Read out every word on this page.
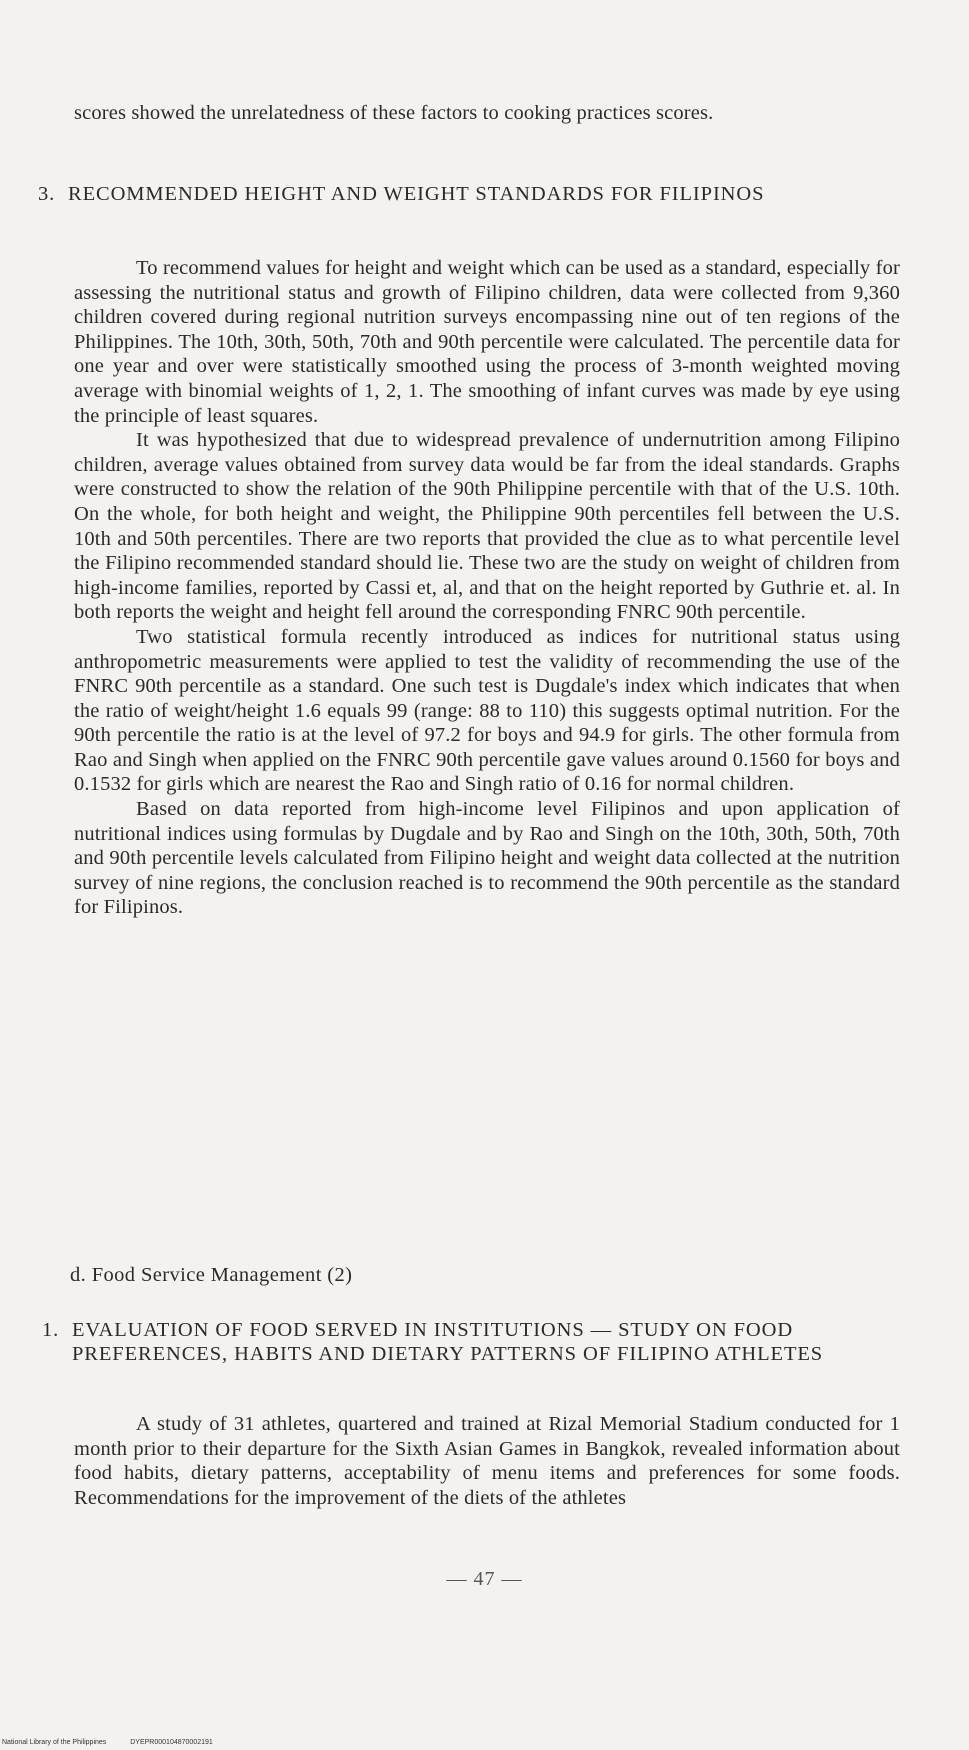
scores showed the unrelatedness of these factors to cooking practices scores.

3. RECOMMENDED HEIGHT AND WEIGHT STANDARDS FOR FILIPINOS

To recommend values for height and weight which can be used as a standard, especially for assessing the nutritional status and growth of Filipino children, data were collected from 9,360 children covered during regional nutrition surveys encompassing nine out of ten regions of the Philippines. The 10th, 30th, 50th, 70th and 90th percentile were calculated. The percentile data for one year and over were statistically smoothed using the process of 3-month weighted moving average with binomial weights of 1, 2, 1. The smoothing of infant curves was made by eye using the principle of least squares.

It was hypothesized that due to widespread prevalence of undernutrition among Filipino children, average values obtained from survey data would be far from the ideal standards. Graphs were constructed to show the relation of the 90th Philippine percentile with that of the U.S. 10th. On the whole, for both height and weight, the Philippine 90th percentiles fell between the U.S. 10th and 50th percentiles. There are two reports that provided the clue as to what percentile level the Filipino recommended standard should lie. These two are the study on weight of children from high-income families, reported by Cassi et, al, and that on the height reported by Guthrie et. al. In both reports the weight and height fell around the corresponding FNRC 90th percentile.

Two statistical formula recently introduced as indices for nutritional status using anthropometric measurements were applied to test the validity of recommending the use of the FNRC 90th percentile as a standard. One such test is Dugdale's index which indicates that when the ratio of weight/height 1.6 equals 99 (range: 88 to 110) this suggests optimal nutrition. For the 90th percentile the ratio is at the level of 97.2 for boys and 94.9 for girls. The other formula from Rao and Singh when applied on the FNRC 90th percentile gave values around 0.1560 for boys and 0.1532 for girls which are nearest the Rao and Singh ratio of 0.16 for normal children.

Based on data reported from high-income level Filipinos and upon application of nutritional indices using formulas by Dugdale and by Rao and Singh on the 10th, 30th, 50th, 70th and 90th percentile levels calculated from Filipino height and weight data collected at the nutrition survey of nine regions, the conclusion reached is to recommend the 90th percentile as the standard for Filipinos.

d. Food Service Management (2)

1. EVALUATION OF FOOD SERVED IN INSTITUTIONS — STUDY ON FOOD PREFERENCES, HABITS AND DIETARY PATTERNS OF FILIPINO ATHLETES

A study of 31 athletes, quartered and trained at Rizal Memorial Stadium conducted for 1 month prior to their departure for the Sixth Asian Games in Bangkok, revealed information about food habits, dietary patterns, acceptability of menu items and preferences for some foods. Recommendations for the improvement of the diets of the athletes

— 47 —
National Library of the Philippines	DYEPR000104870002191
